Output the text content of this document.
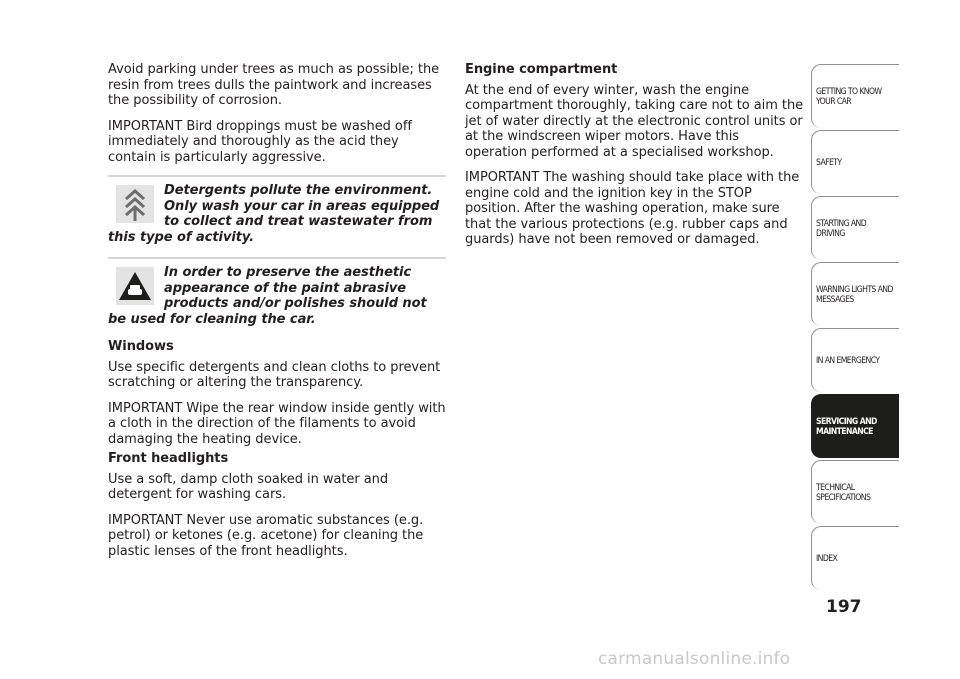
Avoid parking under trees as much as possible; the resin from trees dulls the paintwork and increases the possibility of corrosion.

IMPORTANT Bird droppings must be washed off immediately and thoroughly as the acid they contain is particularly aggressive.

Detergents pollute the environment. Only wash your car in areas equipped to collect and treat wastewater from this type of activity.
In order to preserve the aesthetic appearance of the paint abrasive products and/or polishes should not be used for cleaning the car.
Windows

Use specific detergents and clean cloths to prevent scratching or altering the transparency.

IMPORTANT Wipe the rear window inside gently with a cloth in the direction of the filaments to avoid damaging the heating device.

Front headlights

Use a soft, damp cloth soaked in water and detergent for washing cars.

IMPORTANT Never use aromatic substances (e.g. petrol) or ketones (e.g. acetone) for cleaning the plastic lenses of the front headlights.

Engine compartment

At the end of every winter, wash the engine compartment thoroughly, taking care not to aim the jet of water directly at the electronic control units or at the windscreen wiper motors. Have this operation performed at a specialised workshop.

IMPORTANT The washing should take place with the engine cold and the ignition key in the STOP position. After the washing operation, make sure that the various protections (e.g. rubber caps and guards) have not been removed or damaged.

GETTING TO KNOW YOUR CAR
SAFETY
STARTING AND DRIVING
WARNING LIGHTS AND MESSAGES
IN AN EMERGENCY
SERVICING AND MAINTENANCE
TECHNICAL SPECIFICATIONS
INDEX
197
carmanualsonline.info
